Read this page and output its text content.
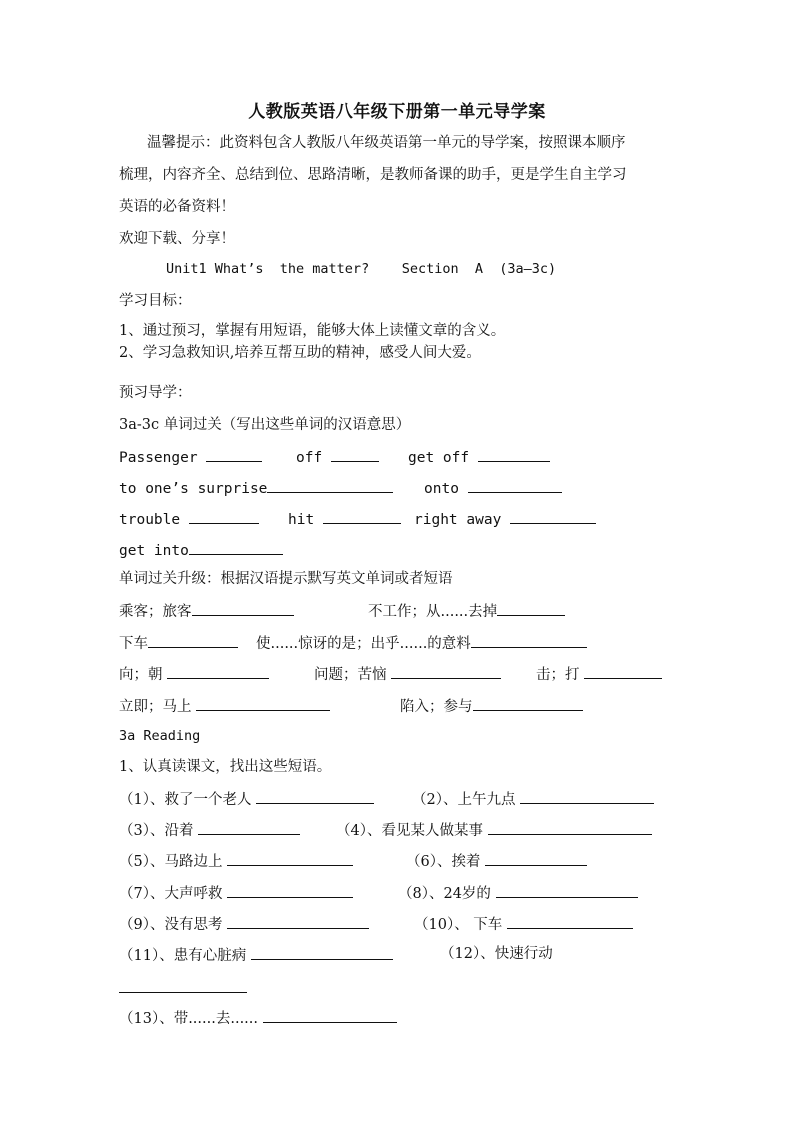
人教版英语八年级下册第一单元导学案
温馨提示：此资料包含人教版八年级英语第一单元的导学案，按照课本顺序
梳理，内容齐全、总结到位、思路清晰，是教师备课的助手，更是学生自主学习
英语的必备资料！
欢迎下载、分享！
Unit1 What’s  the matter?    Section  A  (3a—3c)
学习目标：
1、通过预习，掌握有用短语，能够大体上读懂文章的含义。
2、学习急救知识,培养互帮互助的精神，感受人间大爱。
预习导学：
3a-3c 单词过关（写出这些单词的汉语意思）
Passenger	off	get off
to one’s surprise	onto
trouble	hit	right away
get into
单词过关升级：根据汉语提示默写英文单词或者短语
乘客；旅客	不工作；从......去掉
下车	使......惊讶的是；出乎......的意料
向；朝	问题；苦恼	击；打
立即；马上	陷入；参与
3a Reading
1、认真读课文，找出这些短语。
（1）、救了一个老人	（2）、上午九点
（3）、沿着	（4）、看见某人做某事
（5）、马路边上	（6）、挨着
（7）、大声呼救	（8）、24岁的
（9）、没有思考	（10）、 下车
（11）、患有心脏病	（12）、快速行动
（13）、带......去......
